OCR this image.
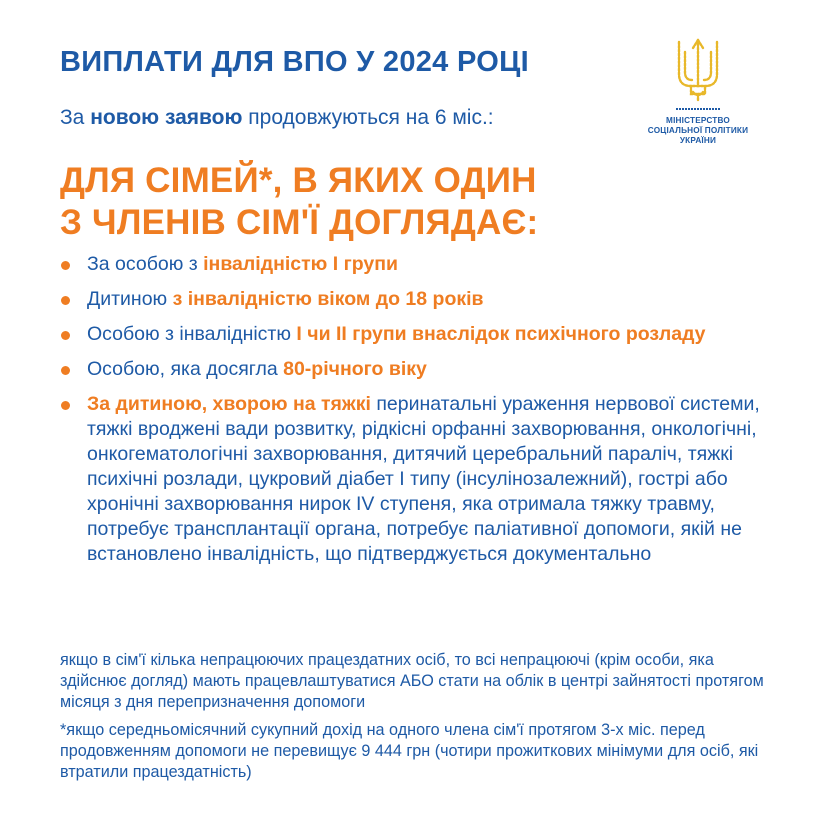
ВИПЛАТИ ДЛЯ ВПО У 2024 РОЦІ
За новою заявою продовжуються на 6 міс.:	МІНІСТЕРСТВО
СОЦІАЛЬНОЇ ПОЛІТИКИ
УКРАЇНИ
ДЛЯ СІМЕЙ*, В ЯКИХ ОДИН
З ЧЛЕНІВ СІМ'Ї ДОГЛЯДАЄ:
За особою з інвалідністю I групи
Дитиною з інвалідністю віком до 18 років
Особою з інвалідністю I чи II групи внаслідок психічного розладу
Особою, яка досягла 80-річного віку
За дитиною, хворою на тяжкі перинатальні ураження нервової системи, тяжкі вроджені вади розвитку, рідкісні орфанні захворювання, онкологічні, онкогематологічні захворювання, дитячий церебральний параліч, тяжкі психічні розлади, цукровий діабет I типу (інсулінозалежний), гострі або хронічні захворювання нирок IV ступеня, яка отримала тяжку травму, потребує трансплантації органа, потребує паліативної допомоги, якій не встановлено інвалідність, що підтверджується документально
якщо в сім'ї кілька непрацюючих працездатних осіб, то всі непрацюючі (крім особи, яка здійснює догляд) мають працевлаштуватися АБО стати на облік в центрі зайнятості протягом місяця з дня перепризначення допомоги
*якщо середньомісячний сукупний дохід на одного члена сім'ї протягом 3-х міс. перед продовженням допомоги не перевищує 9 444 грн (чотири прожиткових мінімуми для осіб, які втратили працездатність)
